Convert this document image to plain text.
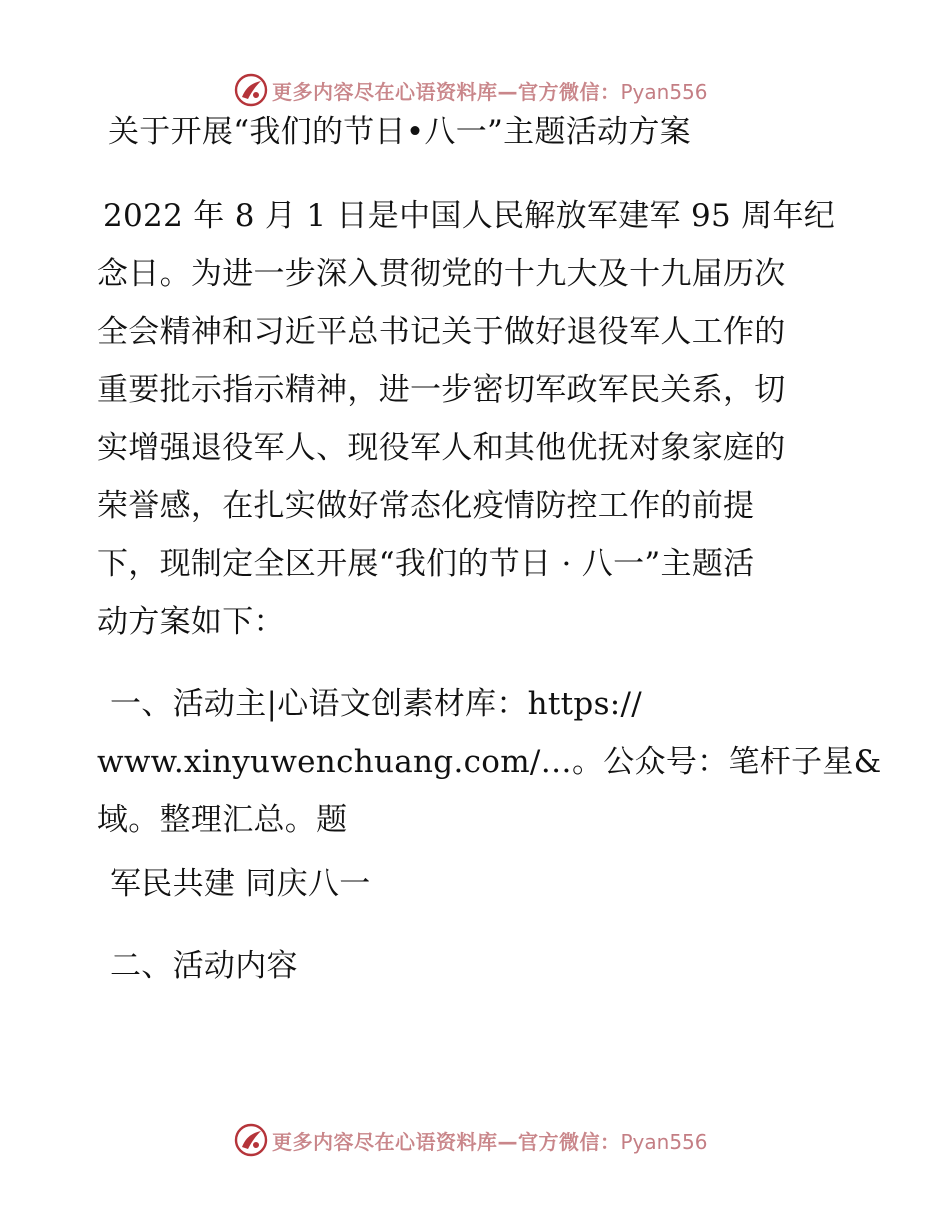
更多内容尽在心语资料库—官方微信：Pyan556
关于开展“我们的节日•八一”主题活动方案
2022 年 8 月 1 日是中国人民解放军建军 95 周年纪
念日。为进一步深入贯彻党的十九大及十九届历次
全会精神和习近平总书记关于做好退役军人工作的
重要批示指示精神，进一步密切军政军民关系，切
实增强退役军人、现役军人和其他优抚对象家庭的
荣誉感，在扎实做好常态化疫情防控工作的前提
下，现制定全区开展“我们的节日 · 八一”主题活
动方案如下：
一、活动主|心语文创素材库：https://
www.xinyuwenchuang.com/…。公众号：笔杆子星&
域。整理汇总。题
军民共建 同庆八一
二、活动内容
更多内容尽在心语资料库—官方微信：Pyan556
